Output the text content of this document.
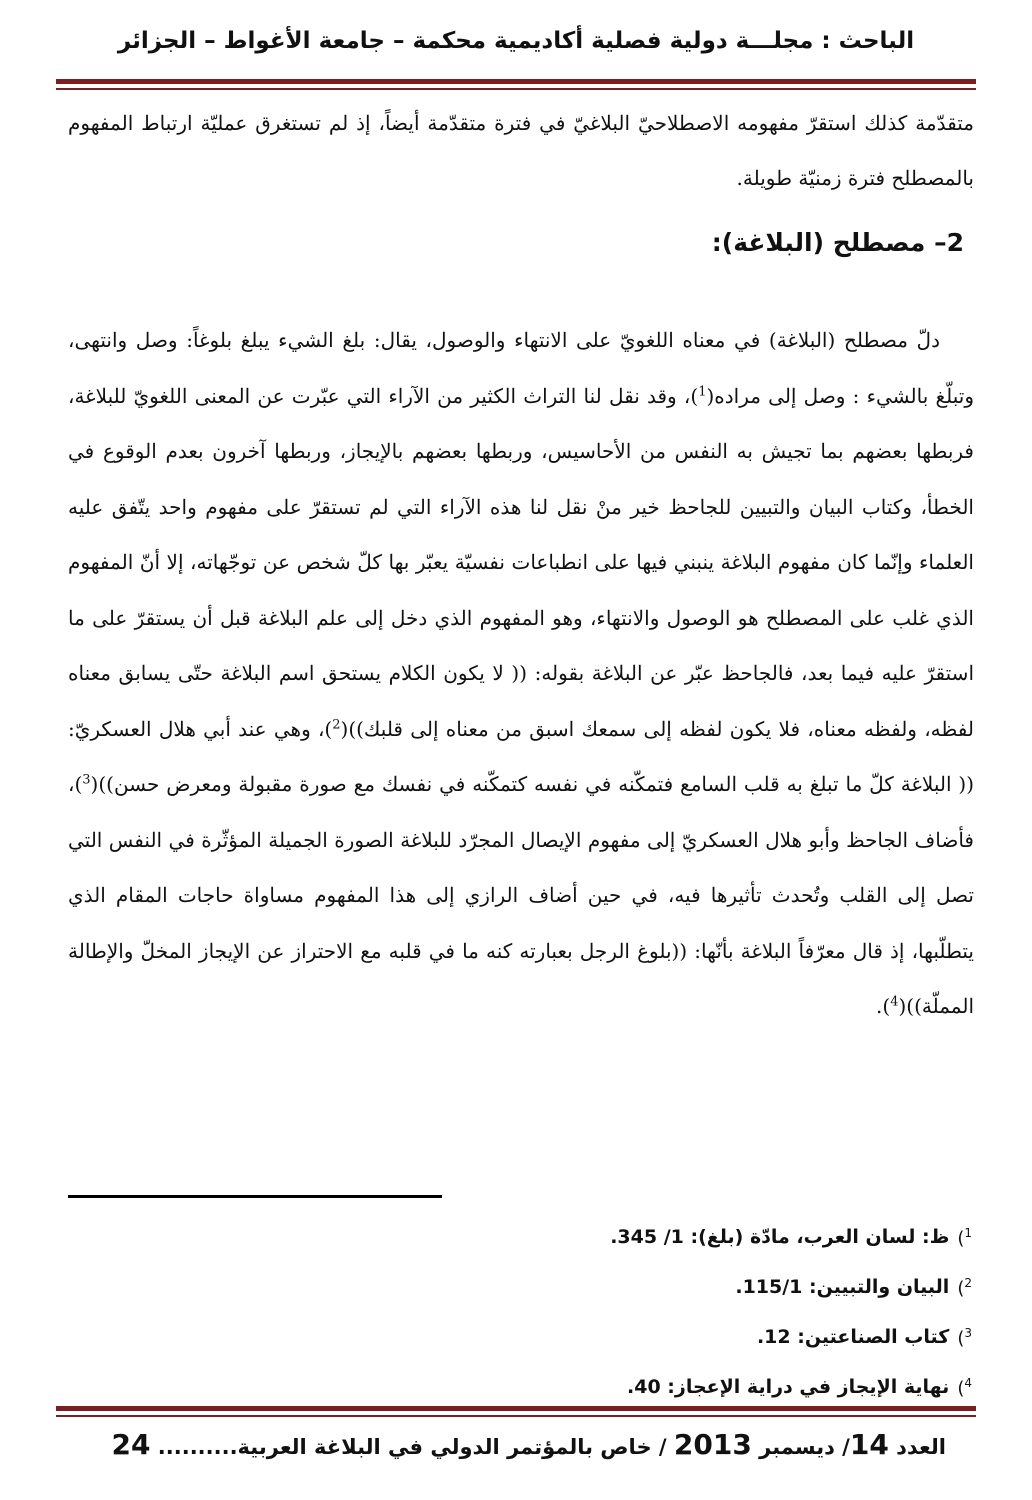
الباحث : مجلـــة دولية فصلية أكاديمية محكمة – جامعة الأغواط – الجزائر

متقدّمة كذلك استقرّ مفهومه الاصطلاحيّ البلاغيّ في فترة متقدّمة أيضاً، إذ لم تستغرق عمليّة ارتباط المفهوم بالمصطلح فترة زمنيّة طويلة.

2– مصطلح (البلاغة):

دلّ مصطلح (البلاغة) في معناه اللغويّ على الانتهاء والوصول، يقال: بلغ الشيء يبلغ بلوغاً: وصل وانتهى، وتبلّغ بالشيء : وصل إلى مراده($^1$)، وقد نقل لنا التراث الكثير من الآراء التي عبّرت عن المعنى اللغويّ للبلاغة، فربطها بعضهم بما تجيش به النفس من الأحاسيس، وربطها بعضهم بالإيجاز، وربطها آخرون بعدم الوقوع في الخطأ، وكتاب البيان والتبيين للجاحظ خير منْ نقل لنا هذه الآراء التي لم تستقرّ على مفهوم واحد يتّفق عليه العلماء وإنّما كان مفهوم البلاغة ينبني فيها على انطباعات نفسيّة يعبّر بها كلّ شخص عن توجّهاته، إلا أنّ المفهوم الذي غلب على المصطلح هو الوصول والانتهاء، وهو المفهوم الذي دخل إلى علم البلاغة قبل أن يستقرّ على ما استقرّ عليه فيما بعد، فالجاحظ عبّر عن البلاغة بقوله: (( لا يكون الكلام يستحق اسم البلاغة حتّى يسابق معناه لفظه، ولفظه معناه، فلا يكون لفظه إلى سمعك اسبق من معناه إلى قلبك))($^2$)، وهي عند أبي هلال العسكريّ: (( البلاغة كلّ ما تبلغ به قلب السامع فتمكّنه في نفسه كتمكّنه في نفسك مع صورة مقبولة ومعرض حسن))($^3$)، فأضاف الجاحظ وأبو هلال العسكريّ إلى مفهوم الإيصال المجرّد للبلاغة الصورة الجميلة المؤثّرة في النفس التي تصل إلى القلب وتُحدث تأثيرها فيه، في حين أضاف الرازي إلى هذا المفهوم مساواة حاجات المقام الذي يتطلّبها، إذ قال معرّفاً البلاغة بأنّها: ((بلوغ الرجل بعبارته كنه ما في قلبه مع الاحتراز عن الإيجاز المخلّ والإطالة المملّة))($^4$).

$^1$)
ظ: لسان العرب، مادّة (بلغ): 1/ 345.
$^2$)
البيان والتبيين: 115/1.
$^3$)
كتاب الصناعتين: 12.
$^4$)
نهاية الإيجاز في دراية الإعجاز: 40.
العدد 14/ ديسمبر 2013 / خاص بالمؤتمر الدولي في البلاغة العربية.......... 24
